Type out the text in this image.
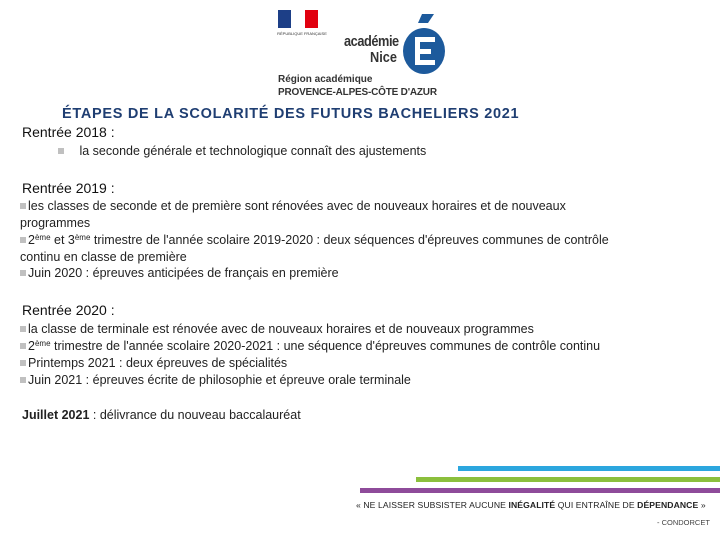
RÉPUBLIQUE FRANÇAISE	académie
Nice
Région académique
PROVENCE-ALPES-CÔTE D'AZUR
ÉTAPES DE LA SCOLARITÉ DES FUTURS BACHELIERS 2021
Rentrée 2018 :
la seconde générale et technologique connaît des ajustements
Rentrée 2019 :
les classes de seconde et de première sont rénovées avec de nouveaux horaires et de nouveaux
programmes
2ème et 3ème trimestre de l'année scolaire 2019-2020 : deux séquences d'épreuves communes de contrôle
continu en classe de première
Juin 2020 : épreuves anticipées de français en première
Rentrée 2020 :
la classe de terminale est rénovée avec de nouveaux horaires et de nouveaux programmes
2ème trimestre de l'année scolaire 2020-2021 : une séquence d'épreuves communes de contrôle continu
Printemps 2021 : deux épreuves de spécialités
Juin 2021 : épreuves écrite de philosophie et épreuve orale terminale
Juillet 2021 : délivrance du nouveau baccalauréat
« NE LAISSER SUBSISTER AUCUNE INÉGALITÉ QUI ENTRAÎNE DE DÉPENDANCE »
- CONDORCET
